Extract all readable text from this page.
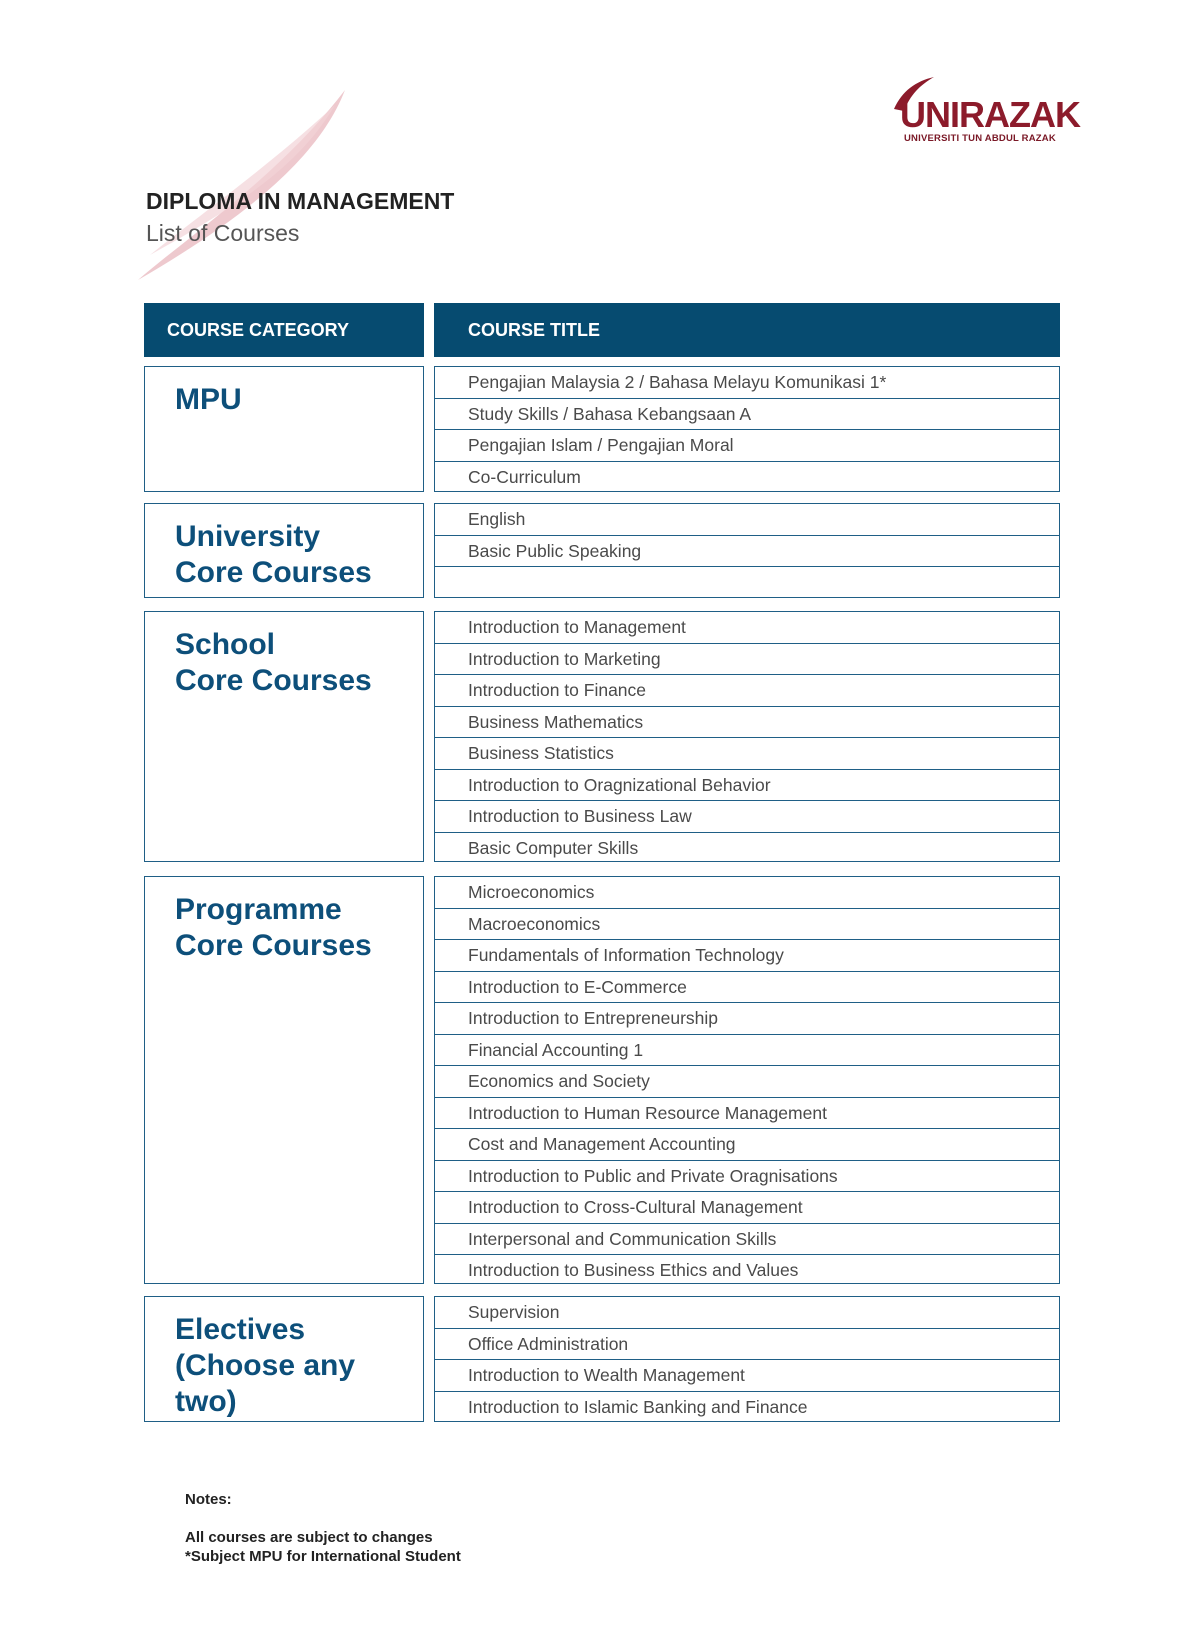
UNIRAZAK
UNIVERSITI TUN ABDUL RAZAK
DIPLOMA IN MANAGEMENT
List of Courses
COURSE CATEGORY	COURSE TITLE

MPU

Pengajian Malaysia 2 / Bahasa Melayu Komunikasi 1*
Study Skills / Bahasa Kebangsaan A
Pengajian Islam / Pengajian Moral
Co-Curriculum

University
Core Courses

English
Basic Public Speaking

School
Core Courses

Introduction to Management
Introduction to Marketing
Introduction to Finance
Business Mathematics
Business Statistics
Introduction to Oragnizational Behavior
Introduction to Business Law
Basic Computer Skills

Programme
Core Courses

Microeconomics
Macroeconomics
Fundamentals of Information Technology
Introduction to E-Commerce
Introduction to Entrepreneurship
Financial Accounting 1
Economics and Society
Introduction to Human Resource Management
Cost and Management Accounting
Introduction to Public and Private Oragnisations
Introduction to Cross-Cultural Management
Interpersonal and Communication Skills
Introduction to Business Ethics and Values

Electives
(Choose any two)

Supervision
Office Administration
Introduction to Wealth Management
Introduction to Islamic Banking and Finance
Notes:
All courses are subject to changes
*Subject MPU for International Student
